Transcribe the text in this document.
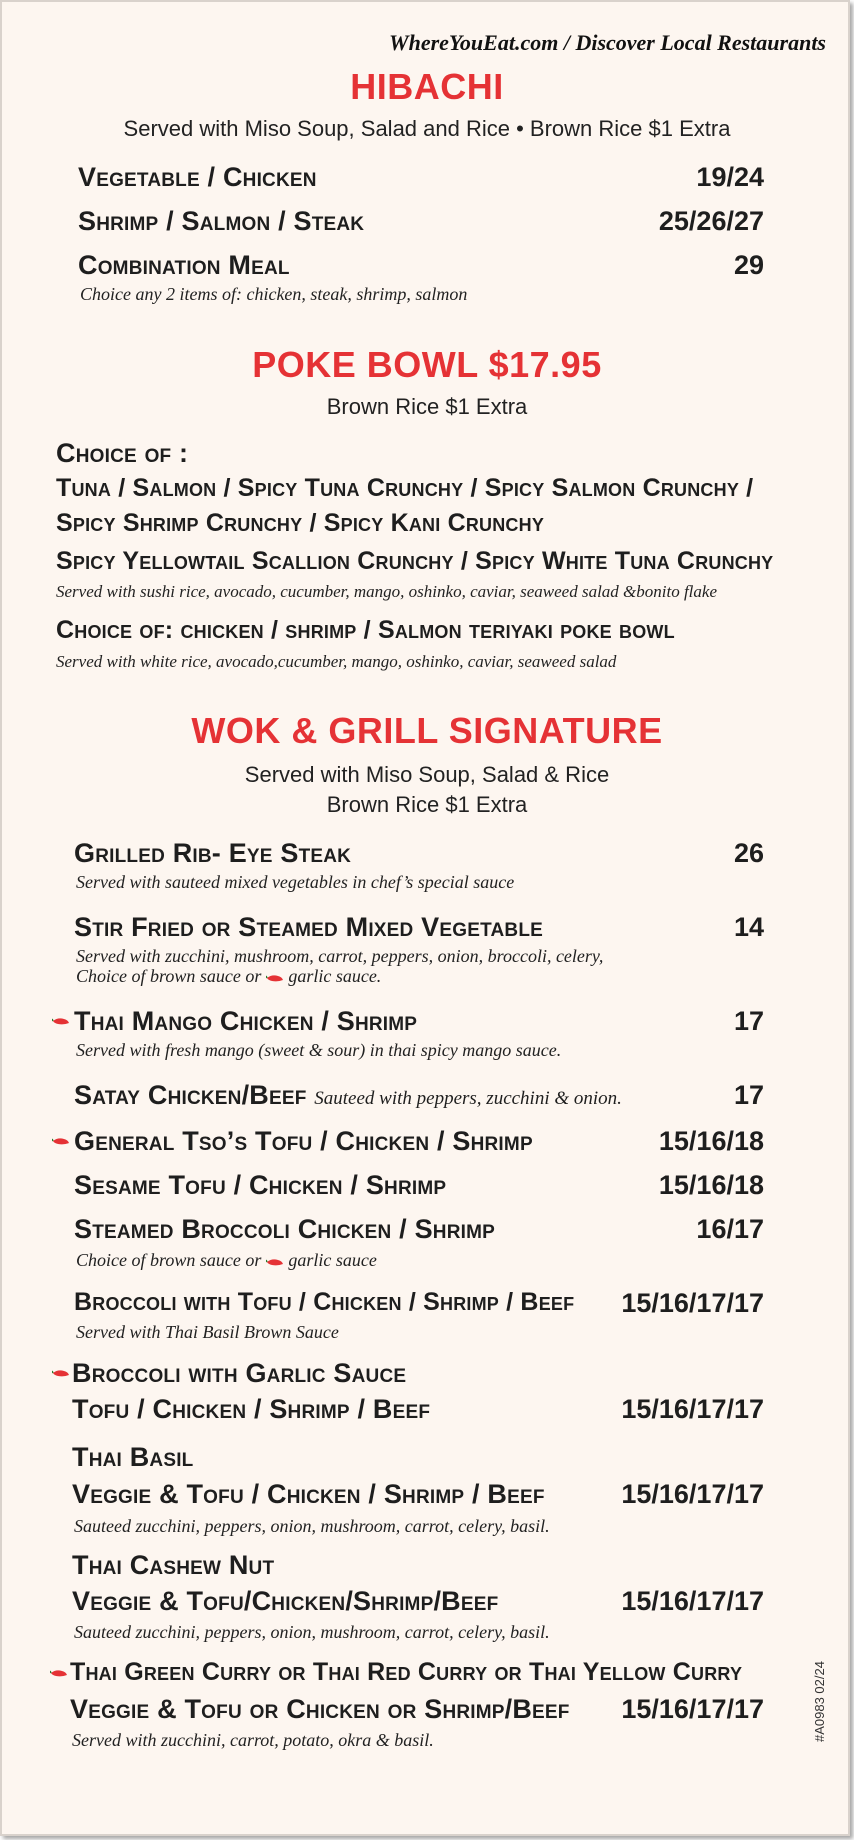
WhereYouEat.com / Discover Local Restaurants
HIBACHI
Served with Miso Soup, Salad and Rice • Brown Rice $1 Extra
Vegetable / Chicken	19/24
Shrimp / Salmon / Steak	25/26/27
Combination Meal	29
Choice any 2 items of: chicken, steak, shrimp, salmon
POKE BOWL $17.95
Brown Rice $1 Extra
Choice of :
Tuna / Salmon / Spicy Tuna Crunchy / Spicy Salmon Crunchy /
Spicy Shrimp Crunchy / Spicy Kani Crunchy
Spicy Yellowtail Scallion Crunchy / Spicy White Tuna Crunchy
Served with sushi rice, avocado, cucumber, mango, oshinko, caviar, seaweed salad &bonito flake
Choice of: chicken / shrimp / Salmon teriyaki poke bowl
Served with white rice, avocado,cucumber, mango, oshinko, caviar, seaweed salad
WOK & GRILL SIGNATURE
Served with Miso Soup, Salad & Rice
Brown Rice $1 Extra
Grilled Rib- Eye Steak	26
Served with sauteed mixed vegetables in chef’s special sauce
Stir Fried or Steamed Mixed Vegetable	14
Served with zucchini, mushroom, carrot, peppers, onion, broccoli, celery,
Choice of brown sauce or garlic sauce.
Thai Mango Chicken / Shrimp	17
Served with fresh mango (sweet & sour) in thai spicy mango sauce.
Satay Chicken/Beef Sauteed with peppers, zucchini & onion.	17
General Tso’s Tofu / Chicken / Shrimp	15/16/18
Sesame Tofu / Chicken / Shrimp	15/16/18
Steamed Broccoli Chicken / Shrimp	16/17
Choice of brown sauce or garlic sauce
Broccoli with Tofu / Chicken / Shrimp / Beef 15/16/17/17
Served with Thai Basil Brown Sauce
Broccoli with Garlic Sauce
Tofu / Chicken / Shrimp / Beef	15/16/17/17
Thai Basil
Veggie & Tofu / Chicken / Shrimp / Beef	15/16/17/17
Sauteed zucchini, peppers, onion, mushroom, carrot, celery, basil.
Thai Cashew Nut
Veggie & Tofu/Chicken/Shrimp/Beef	15/16/17/17
Sauteed zucchini, peppers, onion, mushroom, carrot, celery, basil.
Thai Green Curry or Thai Red Curry or Thai Yellow Curry
Veggie & Tofu or Chicken or Shrimp/Beef 15/16/17/17
Served with zucchini, carrot, potato, okra & basil.	#A0983 02/24
